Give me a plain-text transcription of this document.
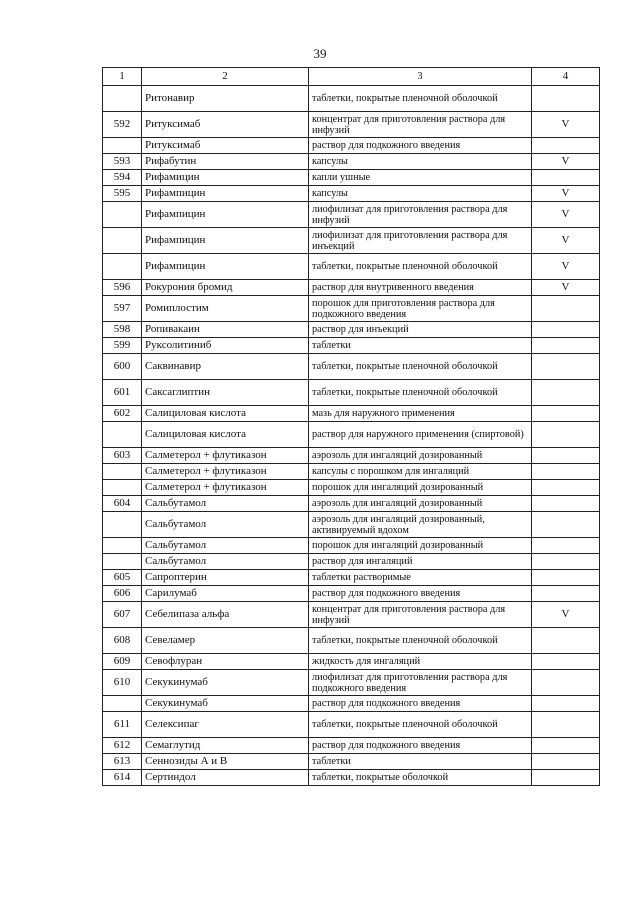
39
1	2	3	4
	Ритонавир	таблетки, покрытые пленочной оболочкой	
592	Ритуксимаб	концентрат для приготовления раствора для инфузий	V
	Ритуксимаб	раствор для подкожного введения	
593	Рифабутин	капсулы	V
594	Рифамицин	капли ушные	
595	Рифампицин	капсулы	V
	Рифампицин	лиофилизат для приготовления раствора для инфузий	V
	Рифампицин	лиофилизат для приготовления раствора для инъекций	V
	Рифампицин	таблетки, покрытые пленочной оболочкой	V
596	Рокурония бромид	раствор для внутривенного введения	V
597	Ромиплостим	порошок для приготовления раствора для подкожного введения	
598	Ропивакаин	раствор для инъекций	
599	Руксолитиниб	таблетки	
600	Саквинавир	таблетки, покрытые пленочной оболочкой	
601	Саксаглиптин	таблетки, покрытые пленочной оболочкой	
602	Салициловая кислота	мазь для наружного применения	
	Салициловая кислота	раствор для наружного применения (спиртовой)	
603	Салметерол + флутиказон	аэрозоль для ингаляций дозированный	
	Салметерол + флутиказон	капсулы с порошком для ингаляций	
	Салметерол + флутиказон	порошок для ингаляций дозированный	
604	Сальбутамол	аэрозоль для ингаляций дозированный	
	Сальбутамол	аэрозоль для ингаляций дозированный, активируемый вдохом	
	Сальбутамол	порошок для ингаляций дозированный	
	Сальбутамол	раствор для ингаляций	
605	Сапроптерин	таблетки растворимые	
606	Сарилумаб	раствор для подкожного введения	
607	Себелипаза альфа	концентрат для приготовления раствора для инфузий	V
608	Севеламер	таблетки, покрытые пленочной оболочкой	
609	Севофлуран	жидкость для ингаляций	
610	Секукинумаб	лиофилизат для приготовления раствора для подкожного введения	
	Секукинумаб	раствор для подкожного введения	
611	Селексипаг	таблетки, покрытые пленочной оболочкой	
612	Семаглутид	раствор для подкожного введения	
613	Сеннозиды А и В	таблетки	
614	Сертиндол	таблетки, покрытые оболочкой	
